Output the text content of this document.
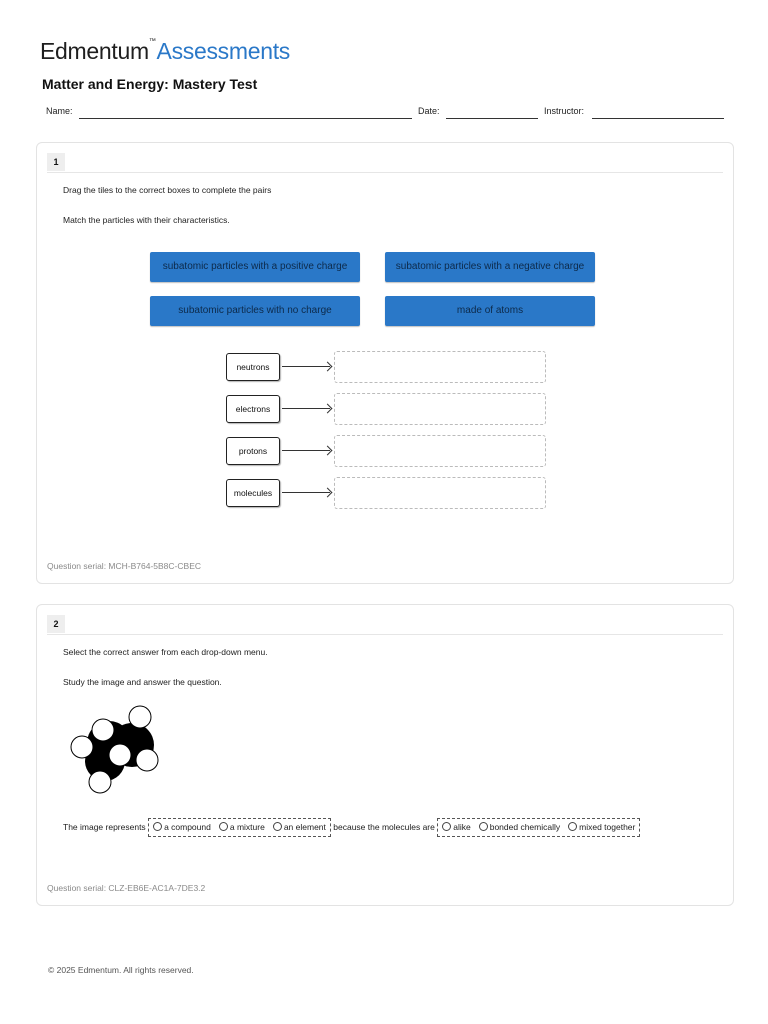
Edmentum™Assessments
Matter and Energy: Mastery Test
Name:	Date:	Instructor:
1
Drag the tiles to the correct boxes to complete the pairs
Match the particles with their characteristics.
subatomic particles with a positive charge	subatomic particles with a negative charge
subatomic particles with no charge	made of atoms
neutrons
electrons
protons
molecules
Question serial: MCH-B764-5B8C-CBEC
2
Select the correct answer from each drop-down menu.
Study the image and answer the question.
The image represents a compound a mixture an element because the molecules are alike bonded chemically mixed together
Question serial: CLZ-EB6E-AC1A-7DE3.2
© 2025 Edmentum. All rights reserved.
